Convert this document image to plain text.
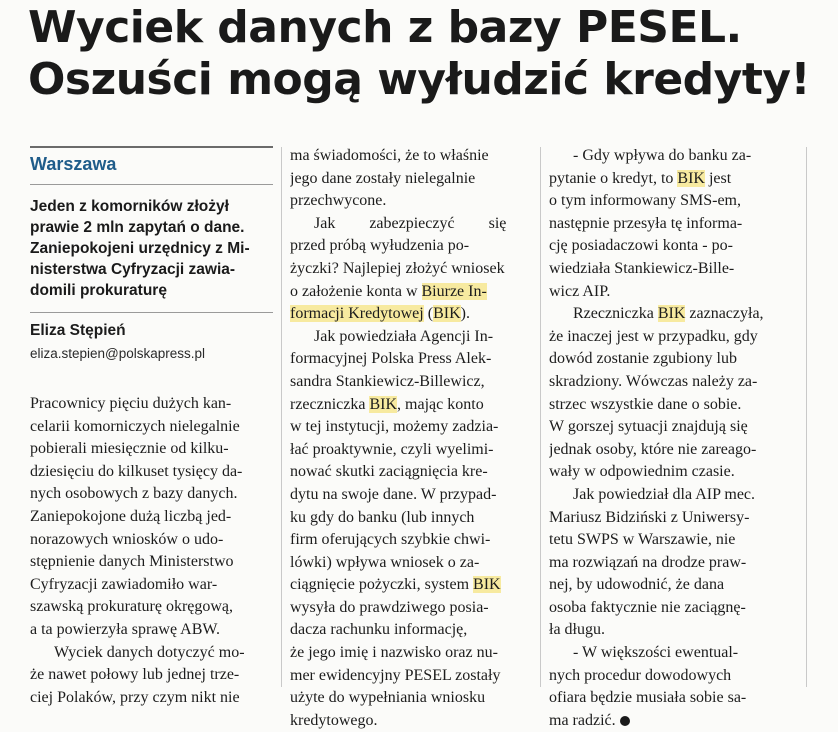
Wyciek danych z bazy PESEL.
Oszuści mogą wyłudzić kredyty!
Warszawa

Jeden z komorników złożył
prawie 2 mln zapytań o dane.
Zaniepokojeni urzędnicy z Mi-
nisterstwa Cyfryzacji zawia-
domili prokuraturę

Eliza Stępień
eliza.stepien@polskapress.pl

Pracownicy pięciu dużych kan-
celarii komorniczych nielegalnie
pobierali miesięcznie od kilku-
dziesięciu do kilkuset tysięcy da-
nych osobowych z bazy danych.
Zaniepokojone dużą liczbą jed-
norazowych wniosków o udo-
stępnienie danych Ministerstwo
Cyfryzacji zawiadomiło war-
szawską prokuraturę okręgową,
a ta powierzyła sprawę ABW.
Wyciek danych dotyczyć mo-
że nawet połowy lub jednej trze-
ciej Polaków, przy czym nikt nie

ma świadomości, że to właśnie
jego dane zostały nielegalnie
przechwycone.
Jak zabezpieczyć się
przed próbą wyłudzenia po-
życzki? Najlepiej złożyć wniosek
o założenie konta w Biurze In-
formacji Kredytowej (BIK).
Jak powiedziała Agencji In-
formacyjnej Polska Press Alek-
sandra Stankiewicz-Billewicz,
rzeczniczka BIK, mając konto
w tej instytucji, możemy zadzia-
łać proaktywnie, czyli wyelimi-
nować skutki zaciągnięcia kre-
dytu na swoje dane. W przypad-
ku gdy do banku (lub innych
firm oferujących szybkie chwi-
lówki) wpływa wniosek o za-
ciągnięcie pożyczki, system BIK
wysyła do prawdziwego posia-
dacza rachunku informację,
że jego imię i nazwisko oraz nu-
mer ewidencyjny PESEL zostały
użyte do wypełniania wniosku
kredytowego.

- Gdy wpływa do banku za-
pytanie o kredyt, to BIK jest
o tym informowany SMS-em,
następnie przesyła tę informa-
cję posiadaczowi konta - po-
wiedziała Stankiewicz-Bille-
wicz AIP.
Rzeczniczka BIK zaznaczyła,
że inaczej jest w przypadku, gdy
dowód zostanie zgubiony lub
skradziony. Wówczas należy za-
strzec wszystkie dane o sobie.
W gorszej sytuacji znajdują się
jednak osoby, które nie zareago-
wały w odpowiednim czasie.
Jak powiedział dla AIP mec.
Mariusz Bidziński z Uniwersy-
tetu SWPS w Warszawie, nie
ma rozwiązań na drodze praw-
nej, by udowodnić, że dana
osoba faktycznie nie zaciągnę-
ła długu.
- W większości ewentual-
nych procedur dowodowych
ofiara będzie musiała sobie sa-
ma radzić.
